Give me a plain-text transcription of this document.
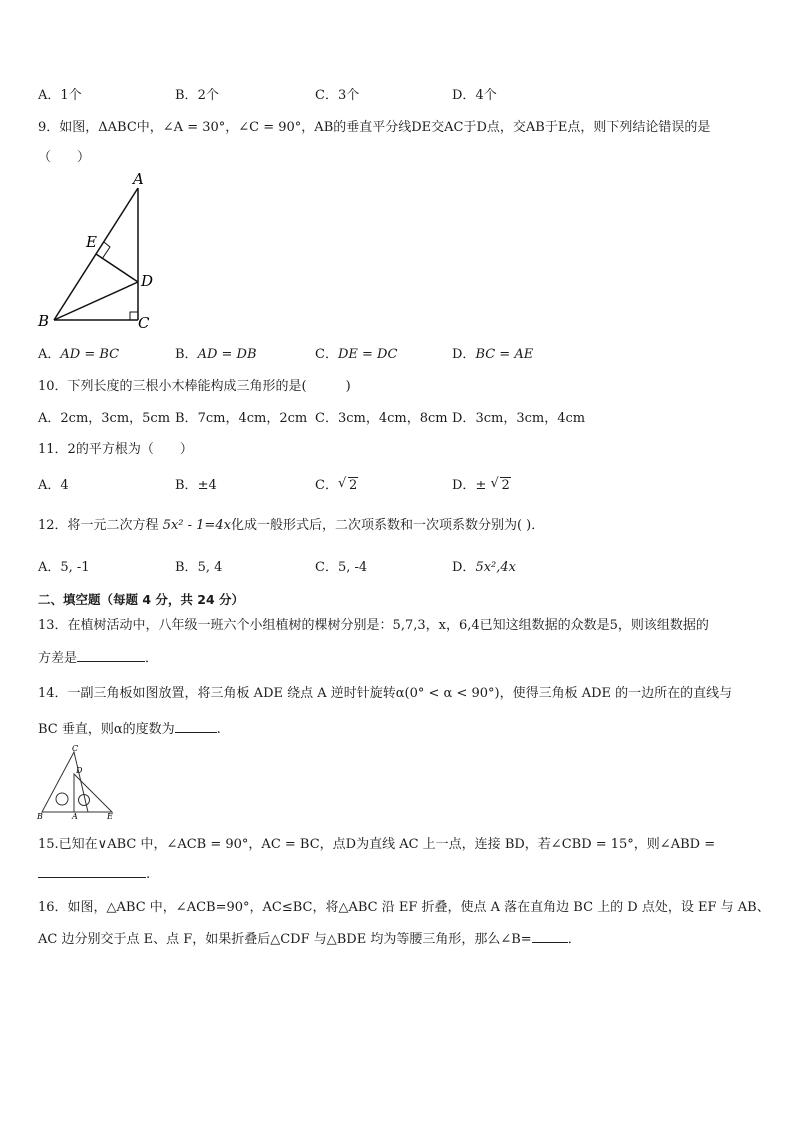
A．1个	B．2个	C．3个	D．4个
9．如图，ΔABC中，∠A = 30°，∠C = 90°，AB的垂直平分线DE交AC于D点，交AB于E点，则下列结论错误的是
（　　）
A
E
D
B	C
A．AD = BC	B．AD = DB	C．DE = DC	D．BC = AE
10．下列长度的三根小木棒能构成三角形的是(　　　)
A．2cm，3cm，5cm B．7cm，4cm，2cm C．3cm，4cm，8cm D．3cm，3cm，4cm
11．2的平方根为（　　）
A．4	B．±4	C． √ 2	D．± √ 2
12．将一元二次方程 5x² - 1=4x化成一般形式后，二次项系数和一次项系数分别为( )．
A．5, -1	B．5, 4	C．5, -4	D．5x²,4x
二、填空题（每题 4 分，共 24 分）
13．在植树活动中，八年级一班六个小组植树的棵树分别是：5,7,3，x，6,4已知这组数据的众数是5，则该组数据的
方差是	．
14．一副三角板如图放置，将三角板 ADE 绕点 A 逆时针旋转α(0° < α < 90°)，使得三角板 ADE 的一边所在的直线与
BC 垂直，则α的度数为	.
C
D
B	A	E
15.已知在∨ABC 中，∠ACB = 90°，AC = BC，点D为直线 AC 上一点，连接 BD，若∠CBD = 15°，则∠ABD =
.
16．如图，△ABC 中，∠ACB=90°，AC≤BC，将△ABC 沿 EF 折叠，使点 A 落在直角边 BC 上的 D 点处，设 EF 与 AB、
AC 边分别交于点 E、点 F，如果折叠后△CDF 与△BDE 均为等腰三角形，那么∠B=	．
